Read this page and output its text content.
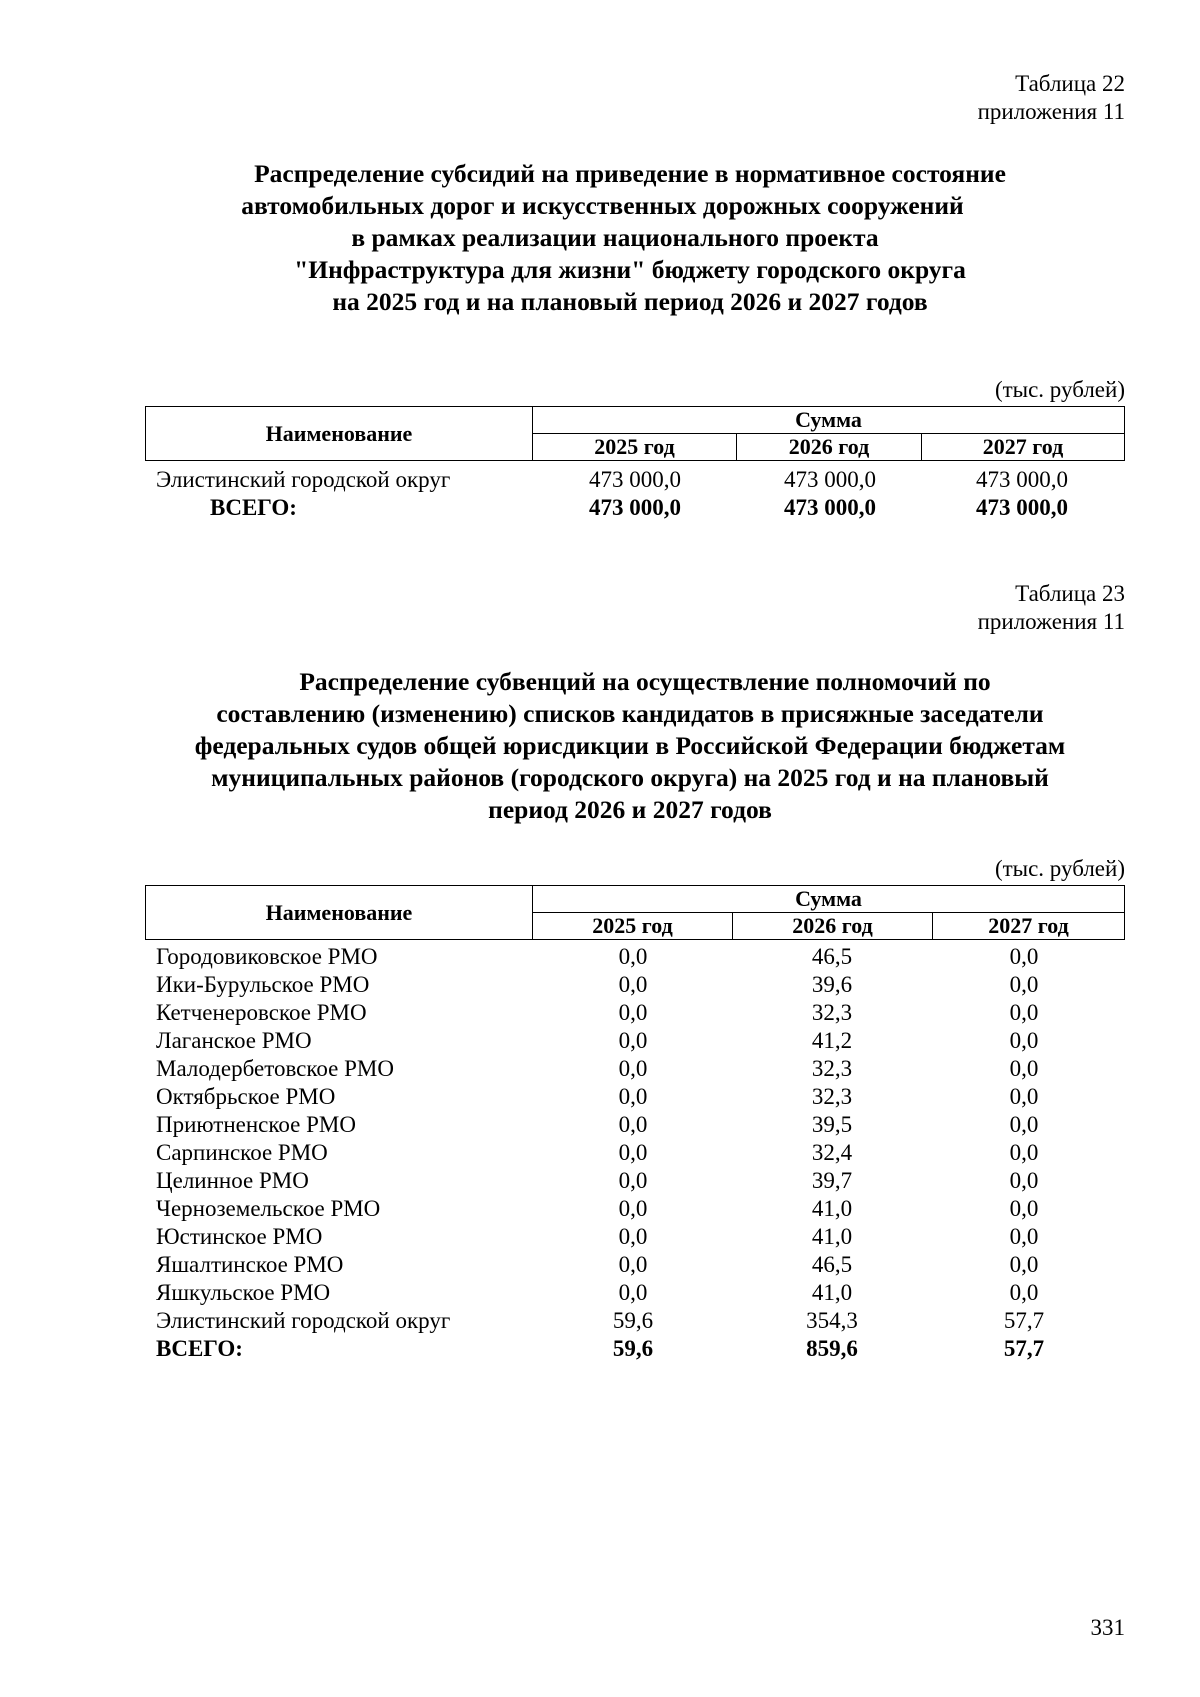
Таблица 22
приложения 11
Распределение субсидий на приведение в нормативное состояние
автомобильных дорог и искусственных дорожных сооружений
в рамках реализации национального проекта
"Инфраструктура для жизни" бюджету городского округа
на 2025 год и на плановый период 2026 и 2027 годов
(тыс. рублей)
Наименование	Сумма		
	2025 год	2026 год	2027 год
Элистинский городской округ	473 000,0	473 000,0	473 000,0
ВСЕГО:	473 000,0	473 000,0	473 000,0
Таблица 23
приложения 11
Распределение субвенций на осуществление полномочий по
составлению (изменению) списков кандидатов в присяжные заседатели
федеральных судов общей юрисдикции в Российской Федерации бюджетам
муниципальных районов (городского округа) на 2025 год и на плановый
период 2026 и 2027 годов
(тыс. рублей)
Наименование	Сумма		
	2025 год	2026 год	2027 год
Городовиковское РМО	0,0	46,5	0,0
Ики-Бурульское РМО	0,0	39,6	0,0
Кетченеровское РМО	0,0	32,3	0,0
Лаганское РМО	0,0	41,2	0,0
Малодербетовское РМО	0,0	32,3	0,0
Октябрьское РМО	0,0	32,3	0,0
Приютненское РМО	0,0	39,5	0,0
Сарпинское РМО	0,0	32,4	0,0
Целинное РМО	0,0	39,7	0,0
Черноземельское РМО	0,0	41,0	0,0
Юстинское РМО	0,0	41,0	0,0
Яшалтинское РМО	0,0	46,5	0,0
Яшкульское РМО	0,0	41,0	0,0
Элистинский городской округ	59,6	354,3	57,7
ВСЕГО:	59,6	859,6	57,7
331
